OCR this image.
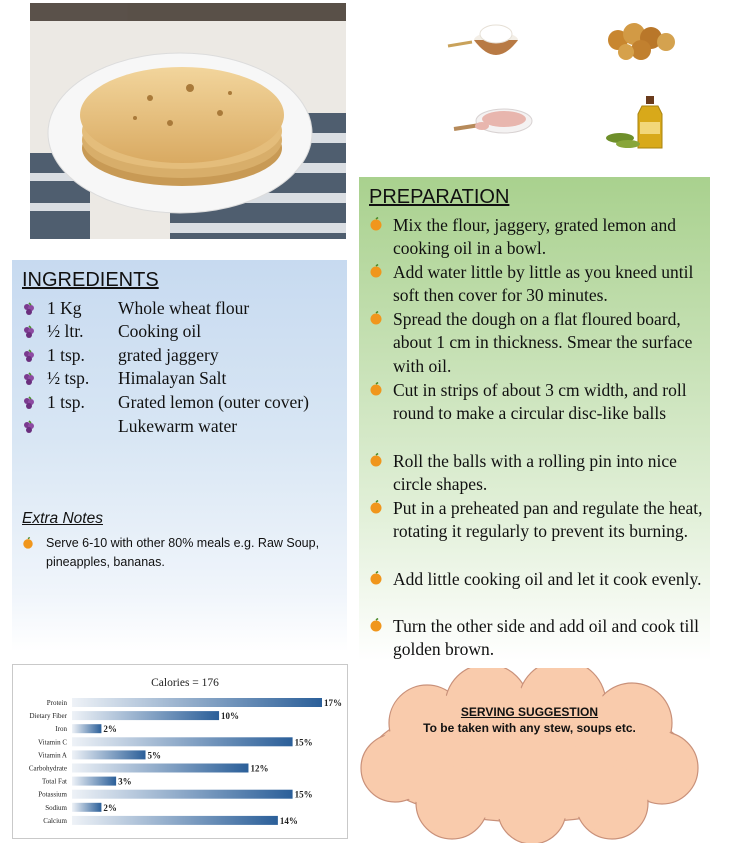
INGREDIENTS
1 Kg Whole wheat flour
½ ltr. Cooking oil
1 tsp. grated jaggery
½ tsp. Himalayan Salt
1 tsp. Grated lemon (outer cover)
Lukewarm water
Extra Notes
Serve 6-10 with other 80% meals e.g. Raw Soup, pineapples, bananas.
PREPARATION
Mix the flour, jaggery, grated lemon and cooking oil in a bowl.
Add water little by little as you kneed until soft then cover for 30 minutes.
Spread the dough on a flat floured board, about 1 cm in thickness. Smear the surface with oil.
Cut in strips of about 3 cm width, and roll round to make a circular disc-like balls
Roll the balls with a rolling pin into nice circle shapes.
Put in a preheated pan and regulate the heat, rotating it regularly to prevent its burning.
Add little cooking oil and let it cook evenly.
Turn the other side and add oil and cook till golden brown.
Calories = 176
Protein	17%
Dietary Fiber	10%
Iron	2%
Vitamin C	15%
Vitamin A	5%
Carbohydrate	12%
Total Fat	3%
Potassium	15%
Sodium	2%
Calcium	14%
SERVING SUGGESTION
To be taken with any stew, soups etc.
